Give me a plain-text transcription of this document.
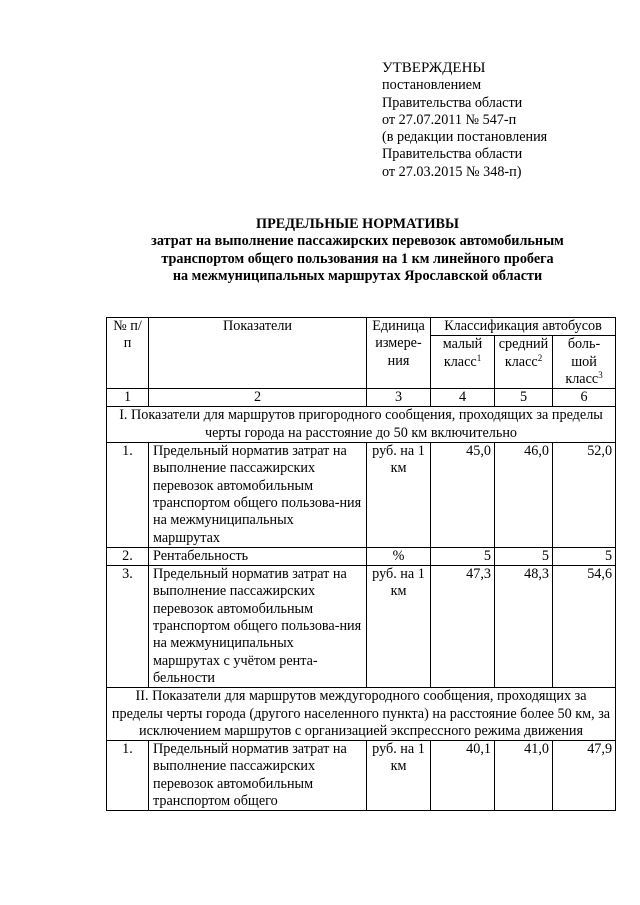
УТВЕРЖДЕНЫ
постановлением
Правительства области
от 27.07.2011 № 547-п
(в редакции постановления
Правительства области
от 27.03.2015 № 348-п)
ПРЕДЕЛЬНЫЕ НОРМАТИВЫ
затрат на выполнение пассажирских перевозок автомобильным
транспортом общего пользования на 1 км линейного пробега
на межмуниципальных маршрутах Ярославской области
№ п/п	Показатели	Единица измере-ния	Классификация автобусов		
			малый класс$^1$	средний класс$^2$	боль-шой класс$^3$
1	2	3	4	5	6
I. Показатели для маршрутов пригородного сообщения, проходящих за пределы черты города на расстояние до 50 км включительно					
1.	Предельный норматив затрат на выполнение пассажирских перевозок автомобильным транспортом общего пользова-ния на межмуниципальных маршрутах	руб. на 1 км	45,0	46,0	52,0
2.	Рентабельность	%	5	5	5
3.	Предельный норматив затрат на выполнение пассажирских перевозок автомобильным транспортом общего пользова-ния на межмуниципальных маршрутах с учётом рента-бельности	руб. на 1 км	47,3	48,3	54,6
II. Показатели для маршрутов междугородного сообщения, проходящих за пределы черты города (другого населенного пункта) на расстояние более 50 км, за исключением маршрутов с организацией экспрессного режима движения					
1.	Предельный норматив затрат на выполнение пассажирских перевозок автомобильным транспортом общего	руб. на 1 км	40,1	41,0	47,9
